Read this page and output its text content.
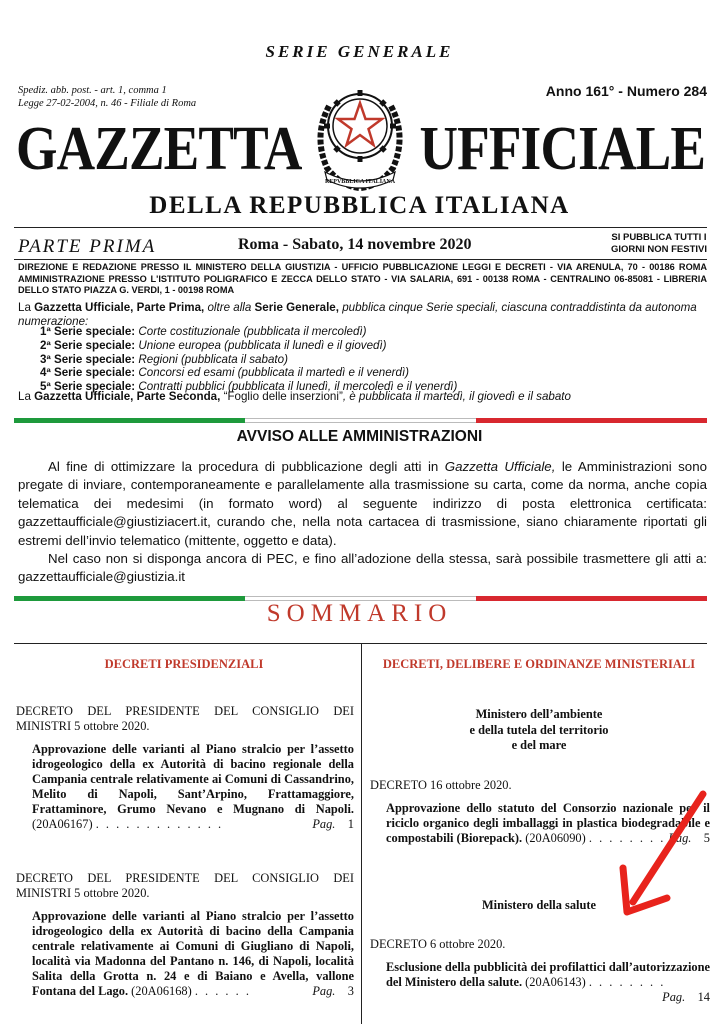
SERIE GENERALE
Spediz. abb. post. - art. 1, comma 1
Legge 27-02-2004, n. 46 - Filiale di Roma
Anno 161° - Numero 284
GAZZETTA UFFICIALE
REPVBBLICA ITALIANA
DELLA REPUBBLICA ITALIANA
PARTE PRIMA	Roma - Sabato, 14 novembre 2020	SI PUBBLICA TUTTI I
GIORNI NON FESTIVI
DIREZIONE E REDAZIONE PRESSO IL MINISTERO DELLA GIUSTIZIA - UFFICIO PUBBLICAZIONE LEGGI E DECRETI - VIA ARENULA, 70 - 00186 ROMA AMMINISTRAZIONE PRESSO L'ISTITUTO POLIGRAFICO E ZECCA DELLO STATO - VIA SALARIA, 691 - 00138 ROMA - CENTRALINO 06-85081 - LIBRERIA DELLO STATO PIAZZA G. VERDI, 1 - 00198 ROMA
La Gazzetta Ufficiale, Parte Prima, oltre alla Serie Generale, pubblica cinque Serie speciali, ciascuna contraddistinta da autonoma numerazione:
1ª Serie speciale: Corte costituzionale (pubblicata il mercoledì)
2ª Serie speciale: Unione europea (pubblicata il lunedì e il giovedì)
3ª Serie speciale: Regioni (pubblicata il sabato)
4ª Serie speciale: Concorsi ed esami (pubblicata il martedì e il venerdì)
5ª Serie speciale: Contratti pubblici (pubblicata il lunedì, il mercoledì e il venerdì)
La Gazzetta Ufficiale, Parte Seconda, “Foglio delle inserzioni”, è pubblicata il martedì, il giovedì e il sabato
AVVISO ALLE AMMINISTRAZIONI

Al fine di ottimizzare la procedura di pubblicazione degli atti in Gazzetta Ufficiale, le Amministrazioni sono pregate di inviare, contemporaneamente e parallelamente alla trasmissione su carta, come da norma, anche copia telematica dei medesimi (in formato word) al seguente indirizzo di posta elettronica certificata: gazzettaufficiale@giustiziacert.it, curando che, nella nota cartacea di trasmissione, siano chiaramente riportati gli estremi dell’invio telematico (mittente, oggetto e data).

Nel caso non si disponga ancora di PEC, e fino all’adozione della stessa, sarà possibile trasmettere gli atti a: gazzettaufficiale@giustizia.it

SOMMARIO
DECRETI PRESIDENZIALI
DECRETO DEL PRESIDENTE DEL CONSIGLIO DEI MINISTRI 5 ottobre 2020.
Approvazione delle varianti al Piano stralcio per l’assetto idrogeologico della ex Autorità di bacino regionale della Campania centrale relativamente ai Comuni di Cassandrino, Melito di Napoli, Sant’Arpino, Frattamaggiore, Frattaminore, Grumo Nevano e Mugnano di Napoli. (20A06167) . . . . . . . . . . . . .	Pag. 1
DECRETO DEL PRESIDENTE DEL CONSIGLIO DEI MINISTRI 5 ottobre 2020.
Approvazione delle varianti al Piano stralcio per l’assetto idrogeologico della ex Autorità di bacino della Campania centrale relativamente ai Comuni di Giugliano di Napoli, località via Madonna del Pantano n. 146, di Napoli, località Salita della Grotta n. 24 e di Baiano e Avella, vallone Fontana del Lago. (20A06168) . . . . . .	Pag. 3
DECRETI, DELIBERE E ORDINANZE MINISTERIALI
Ministero dell’ambiente
e della tutela del territorio
e del mare
DECRETO 16 ottobre 2020.
Approvazione dello statuto del Consorzio nazionale per il riciclo organico degli imballaggi in plastica biodegradabile e compostabili (Biorepack). (20A06090) . . . . . . . . Pag. 5
Ministero della salute
DECRETO 6 ottobre 2020.
Esclusione della pubblicità dei profilattici dall’autorizzazione del Ministero della salute. (20A06143) . . . . . . . .
Pag. 14
